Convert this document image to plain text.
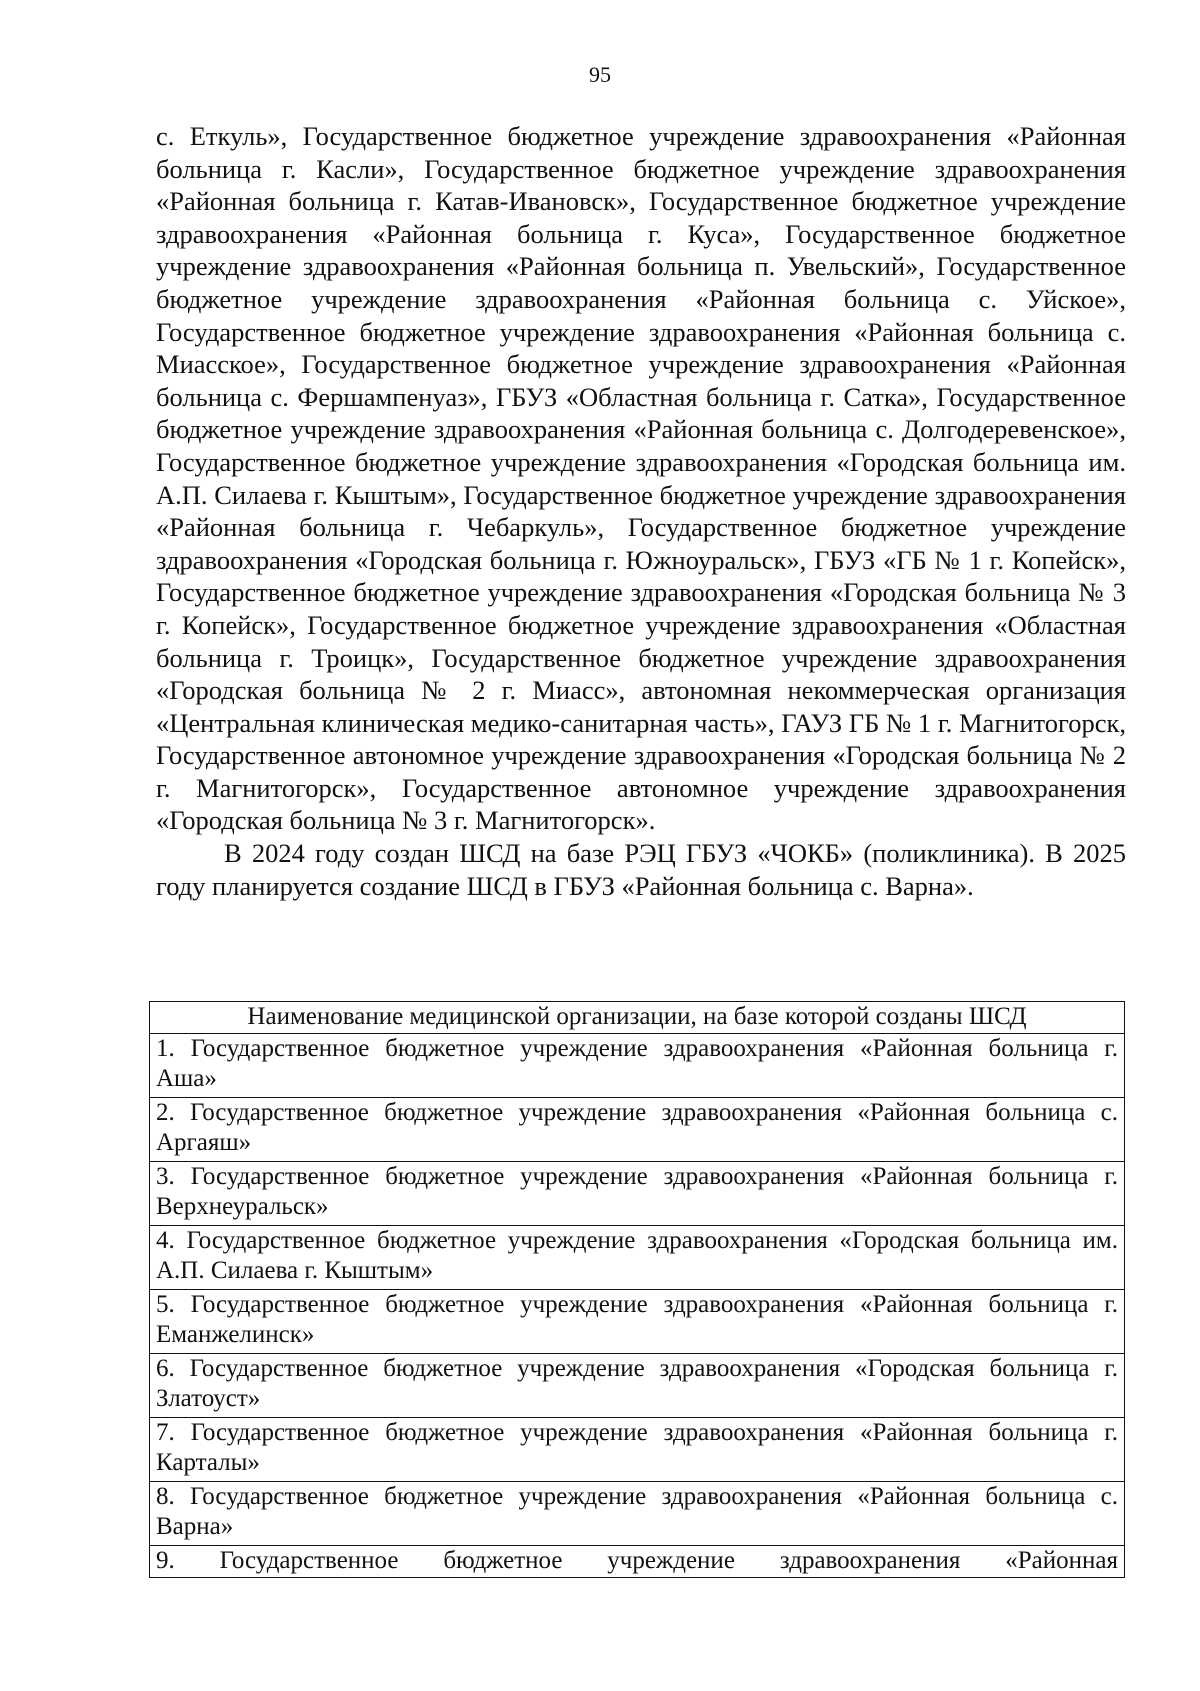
95

с. Еткуль», Государственное бюджетное учреждение здравоохранения «Районная больница г. Касли», Государственное бюджетное учреждение здравоохранения «Районная больница г. Катав-Ивановск», Государственное бюджетное учреждение здравоохранения «Районная больница г. Куса», Государственное бюджетное учреждение здравоохранения «Районная больница п. Увельский», Государственное бюджетное учреждение здравоохранения «Районная больница с. Уйское», Государственное бюджетное учреждение здравоохранения «Районная больница с. Миасское», Государственное бюджетное учреждение здравоохранения «Районная больница с. Фершампенуаз», ГБУЗ «Областная больница г. Сатка», Государственное бюджетное учреждение здравоохранения «Районная больница с. Долгодеревенское», Государственное бюджетное учреждение здравоохранения «Городская больница им. А.П. Силаева г. Кыштым», Государственное бюджетное учреждение здравоохранения «Районная больница г. Чебаркуль», Государственное бюджетное учреждение здравоохранения «Городская больница г. Южноуральск», ГБУЗ «ГБ № 1 г. Копейск», Государственное бюджетное учреждение здравоохранения «Городская больница № 3 г. Копейск», Государственное бюджетное учреждение здравоохранения «Областная больница г. Троицк», Государственное бюджетное учреждение здравоохранения «Городская больница № 2 г. Миасс», автономная некоммерческая организация «Центральная клиническая медико-санитарная часть», ГАУЗ ГБ № 1 г. Магнитогорск, Государственное автономное учреждение здравоохранения «Городская больница № 2 г. Магнитогорск», Государственное автономное учреждение здравоохранения «Городская больница № 3 г. Магнитогорск».

В 2024 году создан ШСД на базе РЭЦ ГБУЗ «ЧОКБ» (поликлиника). В 2025 году планируется создание ШСД в ГБУЗ «Районная больница с. Варна».

Наименование медицинской организации, на базе которой созданы ШСД
1. Государственное бюджетное учреждение здравоохранения «Районная больница г. Аша»
2. Государственное бюджетное учреждение здравоохранения «Районная больница с. Аргаяш»
3. Государственное бюджетное учреждение здравоохранения «Районная больница г. Верхнеуральск»
4. Государственное бюджетное учреждение здравоохранения «Городская больница им. А.П. Силаева г. Кыштым»
5. Государственное бюджетное учреждение здравоохранения «Районная больница г. Еманжелинск»
6. Государственное бюджетное учреждение здравоохранения «Городская больница г. Златоуст»
7. Государственное бюджетное учреждение здравоохранения «Районная больница г. Карталы»
8. Государственное бюджетное учреждение здравоохранения «Районная больница с. Варна»

9. Государственное бюджетное учреждение здравоохранения «Районная
